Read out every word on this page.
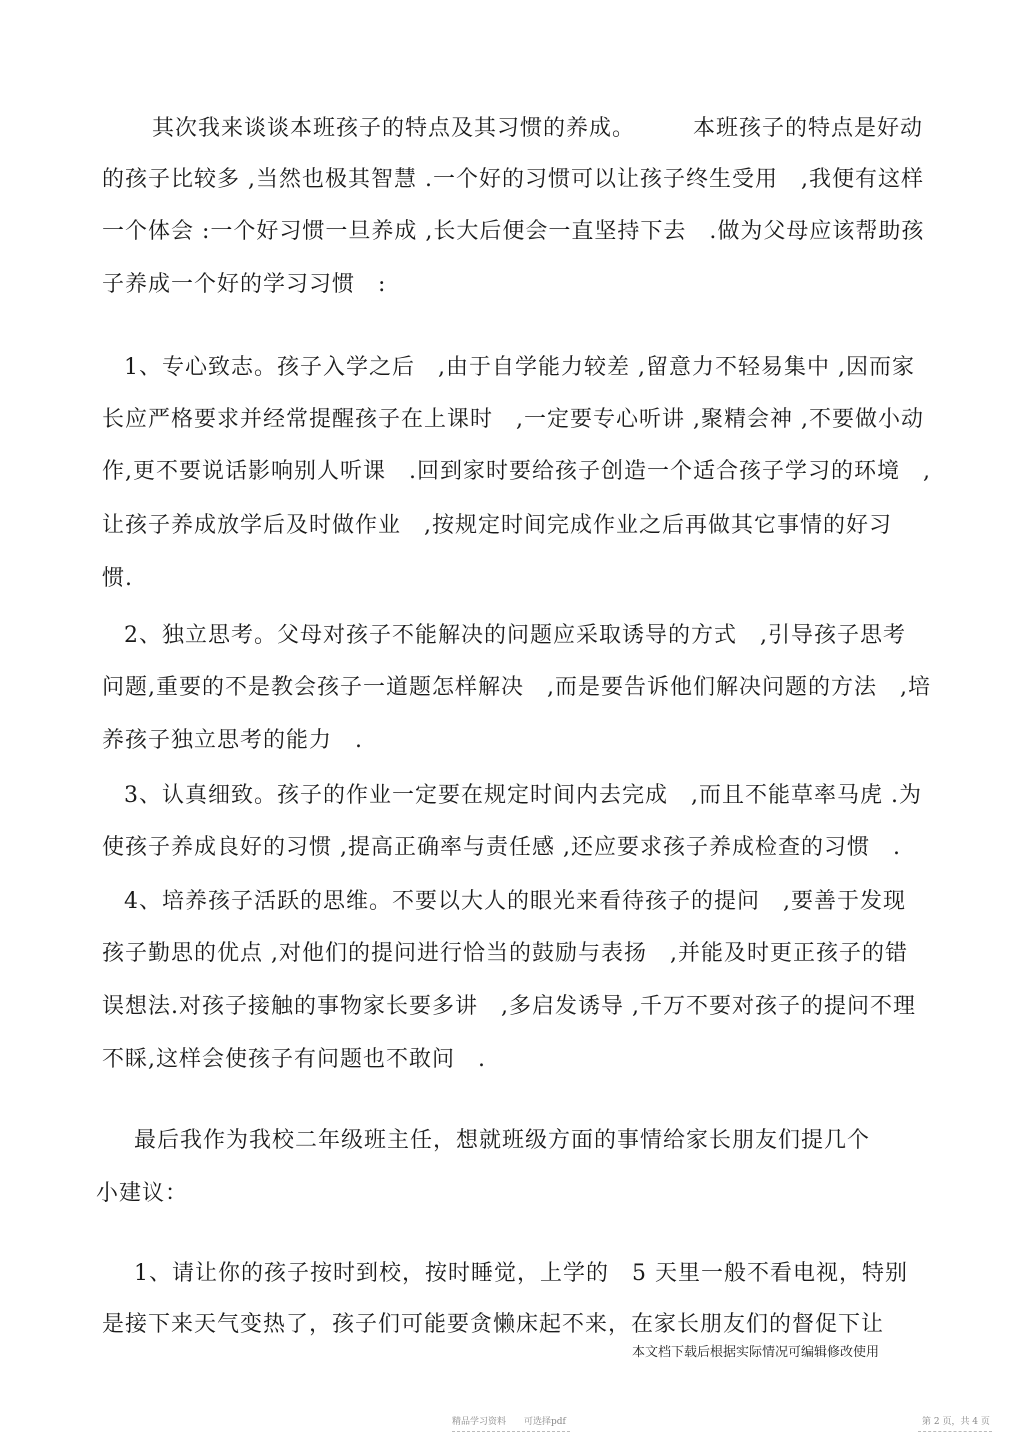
其次我来谈谈本班孩子的特点及其习惯的养成。　　　本班孩子的特点是好动
的孩子比较多 ,当然也极其智慧 .一个好的习惯可以让孩子终生受用　,我便有这样
一个体会 :一个好习惯一旦养成 ,长大后便会一直坚持下去　.做为父母应该帮助孩
子养成一个好的学习习惯　:
1、专心致志。孩子入学之后　,由于自学能力较差 ,留意力不轻易集中 ,因而家
长应严格要求并经常提醒孩子在上课时　,一定要专心听讲 ,聚精会神 ,不要做小动
作,更不要说话影响别人听课　.回到家时要给孩子创造一个适合孩子学习的环境　,
让孩子养成放学后及时做作业　,按规定时间完成作业之后再做其它事情的好习
惯.
2、独立思考。父母对孩子不能解决的问题应采取诱导的方式　,引导孩子思考
问题,重要的不是教会孩子一道题怎样解决　,而是要告诉他们解决问题的方法　,培
养孩子独立思考的能力　.
3、认真细致。孩子的作业一定要在规定时间内去完成　,而且不能草率马虎 .为
使孩子养成良好的习惯 ,提高正确率与责任感 ,还应要求孩子养成检查的习惯　.
4、培养孩子活跃的思维。不要以大人的眼光来看待孩子的提问　,要善于发现
孩子勤思的优点 ,对他们的提问进行恰当的鼓励与表扬　,并能及时更正孩子的错
误想法.对孩子接触的事物家长要多讲　,多启发诱导 ,千万不要对孩子的提问不理
不睬,这样会使孩子有问题也不敢问　.
最后我作为我校二年级班主任，想就班级方面的事情给家长朋友们提几个
小建议：
1、请让你的孩子按时到校，按时睡觉，上学的　5 天里一般不看电视，特别
是接下来天气变热了，孩子们可能要贪懒床起不来，在家长朋友们的督促下让
本文档下载后根据实际情况可编辑修改使用
精品学习资料　　可选择pdf	第 2 页，共 4 页
